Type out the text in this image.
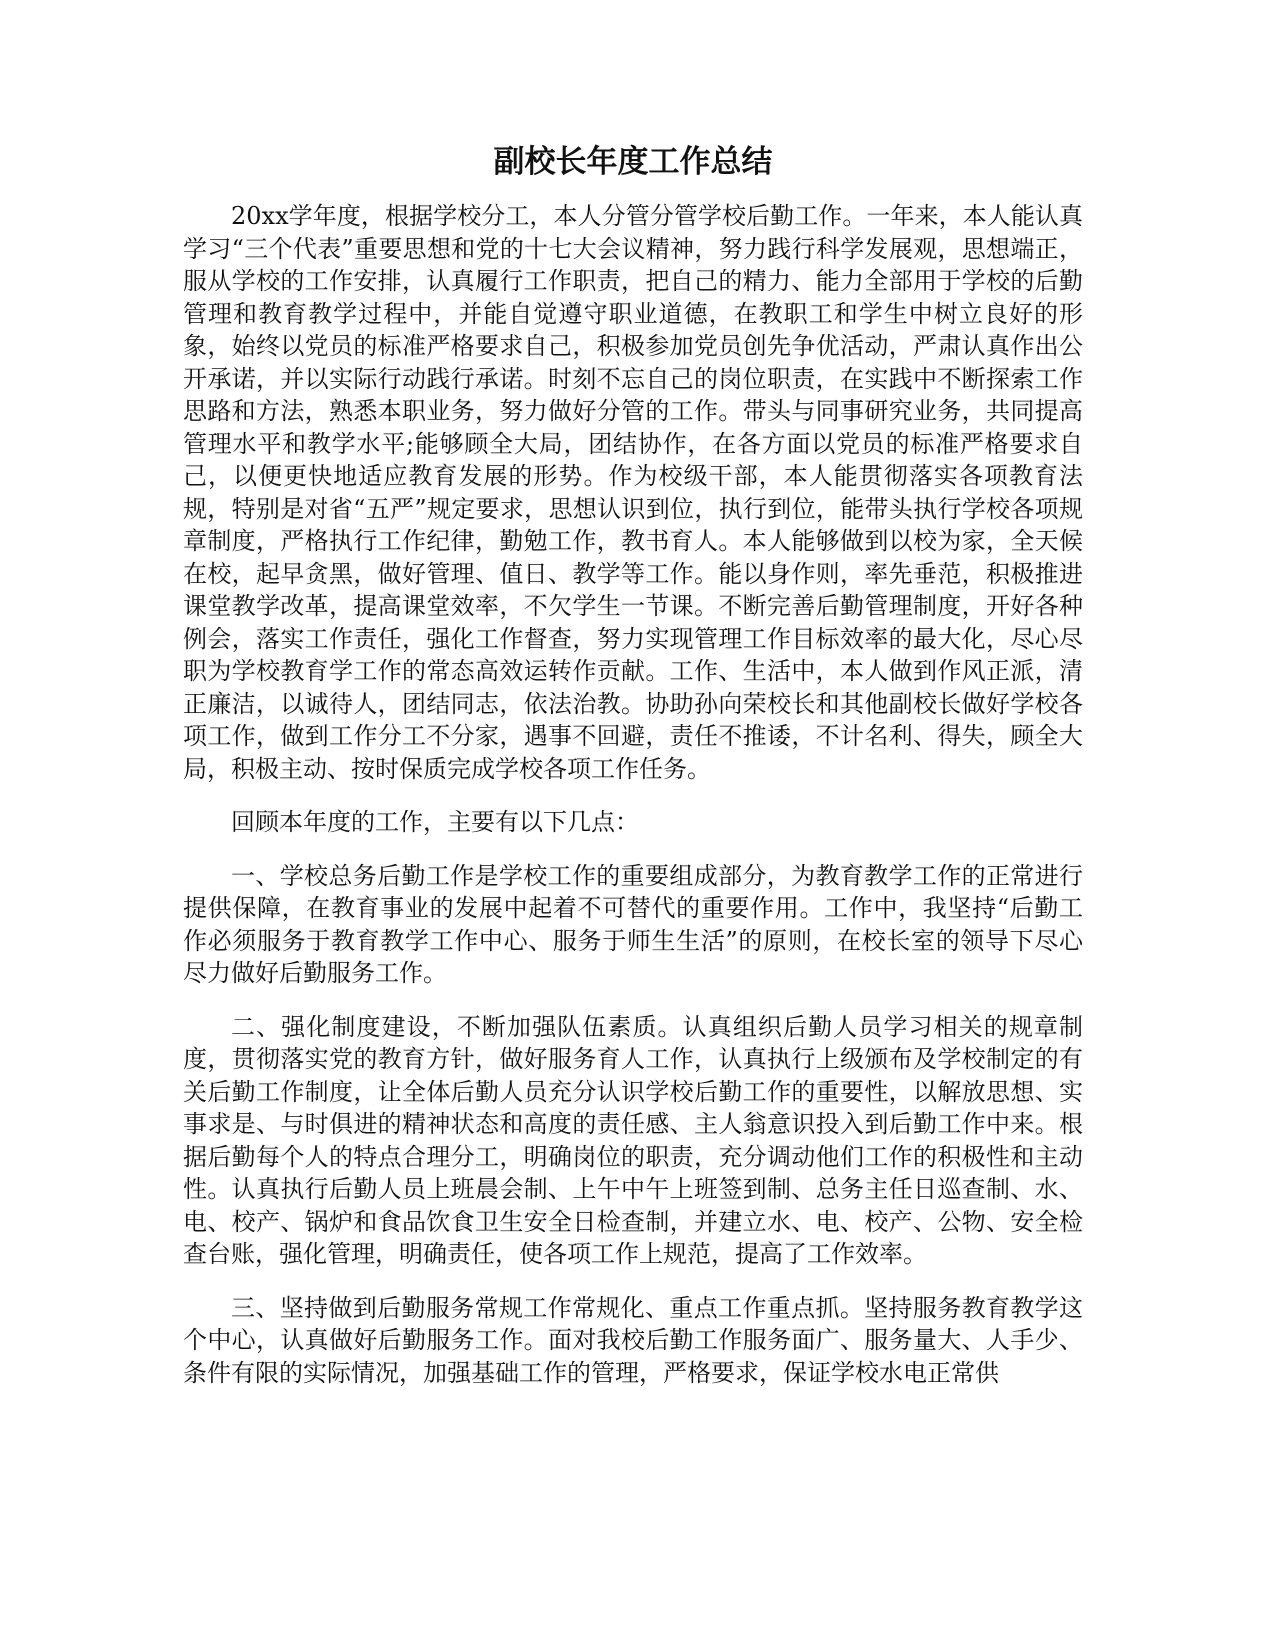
副校长年度工作总结

20xx学年度，根据学校分工，本人分管分管学校后勤工作。一年来，本人能认真学习“三个代表”重要思想和党的十七大会议精神，努力践行科学发展观，思想端正，服从学校的工作安排，认真履行工作职责，把自己的精力、能力全部用于学校的后勤管理和教育教学过程中，并能自觉遵守职业道德，在教职工和学生中树立良好的形象，始终以党员的标准严格要求自己，积极参加党员创先争优活动，严肃认真作出公开承诺，并以实际行动践行承诺。时刻不忘自己的岗位职责，在实践中不断探索工作思路和方法，熟悉本职业务，努力做好分管的工作。带头与同事研究业务，共同提高管理水平和教学水平;能够顾全大局，团结协作，在各方面以党员的标准严格要求自己，以便更快地适应教育发展的形势。作为校级干部，本人能贯彻落实各项教育法规，特别是对省“五严”规定要求，思想认识到位，执行到位，能带头执行学校各项规章制度，严格执行工作纪律，勤勉工作，教书育人。本人能够做到以校为家，全天候在校，起早贪黑，做好管理、值日、教学等工作。能以身作则，率先垂范，积极推进课堂教学改革，提高课堂效率，不欠学生一节课。不断完善后勤管理制度，开好各种例会，落实工作责任，强化工作督查，努力实现管理工作目标效率的最大化，尽心尽职为学校教育学工作的常态高效运转作贡献。工作、生活中，本人做到作风正派，清正廉洁，以诚待人，团结同志，依法治教。协助孙向荣校长和其他副校长做好学校各项工作，做到工作分工不分家，遇事不回避，责任不推诿，不计名利、得失，顾全大局，积极主动、按时保质完成学校各项工作任务。

回顾本年度的工作，主要有以下几点：

一、学校总务后勤工作是学校工作的重要组成部分，为教育教学工作的正常进行提供保障，在教育事业的发展中起着不可替代的重要作用。工作中，我坚持“后勤工作必须服务于教育教学工作中心、服务于师生生活”的原则，在校长室的领导下尽心尽力做好后勤服务工作。

二、强化制度建设，不断加强队伍素质。认真组织后勤人员学习相关的规章制度，贯彻落实党的教育方针，做好服务育人工作，认真执行上级颁布及学校制定的有关后勤工作制度，让全体后勤人员充分认识学校后勤工作的重要性，以解放思想、实事求是、与时俱进的精神状态和高度的责任感、主人翁意识投入到后勤工作中来。根据后勤每个人的特点合理分工，明确岗位的职责，充分调动他们工作的积极性和主动性。认真执行后勤人员上班晨会制、上午中午上班签到制、总务主任日巡查制、水、电、校产、锅炉和食品饮食卫生安全日检查制，并建立水、电、校产、公物、安全检查台账，强化管理，明确责任，使各项工作上规范，提高了工作效率。

三、坚持做到后勤服务常规工作常规化、重点工作重点抓。坚持服务教育教学这个中心，认真做好后勤服务工作。面对我校后勤工作服务面广、服务量大、人手少、条件有限的实际情况，加强基础工作的管理，严格要求，保证学校水电正常供
